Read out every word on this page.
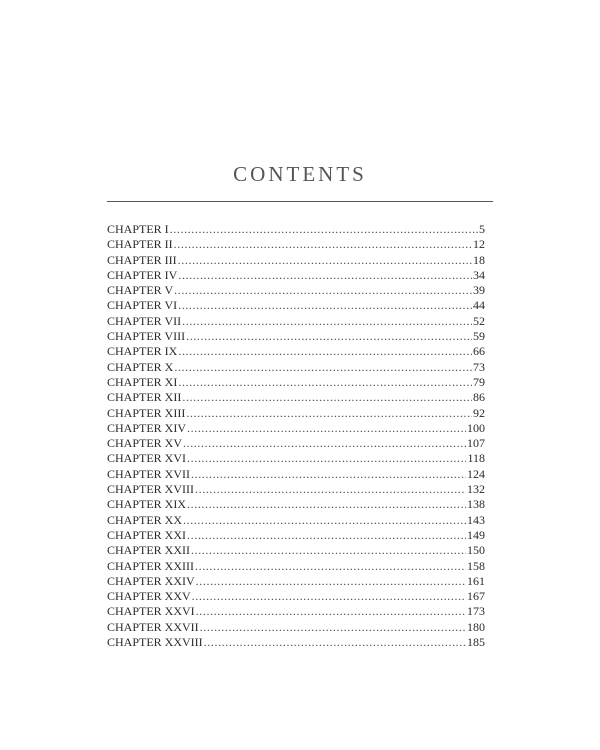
CONTENTS
CHAPTER I .....	5
CHAPTER II .....	12
CHAPTER III .....	18
CHAPTER IV .....	34
CHAPTER V .....	39
CHAPTER VI .....	44
CHAPTER VII .....	52
CHAPTER VIII .....	59
CHAPTER IX .....	66
CHAPTER X .....	73
CHAPTER XI .....	79
CHAPTER XII .....	86
CHAPTER XIII .....	92
CHAPTER XIV .....	100
CHAPTER XV .....	107
CHAPTER XVI .....	118
CHAPTER XVII .....	124
CHAPTER XVIII .....	132
CHAPTER XIX .....	138
CHAPTER XX .....	143
CHAPTER XXI .....	149
CHAPTER XXII .....	150
CHAPTER XXIII .....	158
CHAPTER XXIV .....	161
CHAPTER XXV .....	167
CHAPTER XXVI .....	173
CHAPTER XXVII .....	180
CHAPTER XXVIII .....	185
